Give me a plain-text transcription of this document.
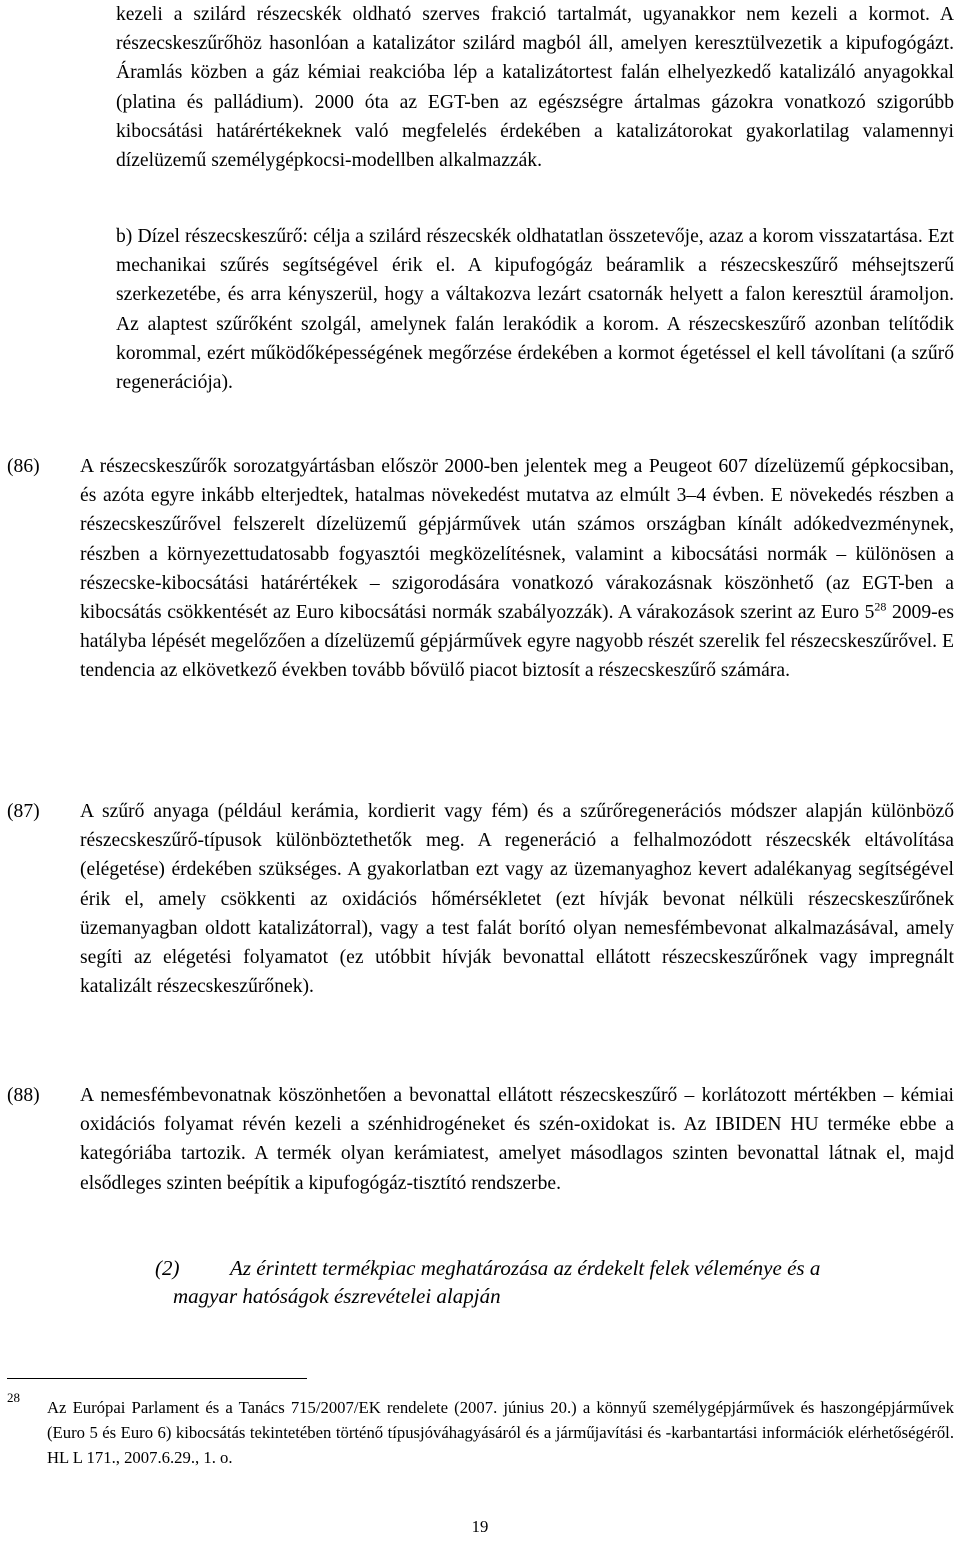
kezeli a szilárd részecskék oldható szerves frakció tartalmát, ugyanakkor nem kezeli a kormot. A részecskeszűrőhöz hasonlóan a katalizátor szilárd magból áll, amelyen keresztülvezetik a kipufogógázt. Áramlás közben a gáz kémiai reakcióba lép a katalizátortest falán elhelyezkedő katalizáló anyagokkal (platina és palládium). 2000 óta az EGT-ben az egészségre ártalmas gázokra vonatkozó szigorúbb kibocsátási határértékeknek való megfelelés érdekében a katalizátorokat gyakorlatilag valamennyi dízelüzemű személygépkocsi-modellben alkalmazzák.
b) Dízel részecskeszűrő: célja a szilárd részecskék oldhatatlan összetevője, azaz a korom visszatartása. Ezt mechanikai szűrés segítségével érik el. A kipufogógáz beáramlik a részecskeszűrő méhsejtszerű szerkezetébe, és arra kényszerül, hogy a váltakozva lezárt csatornák helyett a falon keresztül áramoljon. Az alaptest szűrőként szolgál, amelynek falán lerakódik a korom. A részecskeszűrő azonban telítődik korommal, ezért működőképességének megőrzése érdekében a kormot égetéssel el kell távolítani (a szűrő regenerációja).
(86) A részecskeszűrők sorozatgyártásban először 2000-ben jelentek meg a Peugeot 607 dízelüzemű gépkocsiban, és azóta egyre inkább elterjedtek, hatalmas növekedést mutatva az elmúlt 3–4 évben. E növekedés részben a részecskeszűrővel felszerelt dízelüzemű gépjárművek után számos országban kínált adókedvezménynek, részben a környezettudatosabb fogyasztói megközelítésnek, valamint a kibocsátási normák – különösen a részecske-kibocsátási határértékek – szigorodására vonatkozó várakozásnak köszönhető (az EGT-ben a kibocsátás csökkentését az Euro kibocsátási normák szabályozzák). A várakozások szerint az Euro $5^{28}$ 2009-es hatályba lépését megelőzően a dízelüzemű gépjárművek egyre nagyobb részét szerelik fel részecskeszűrővel. E tendencia az elkövetkező években tovább bővülő piacot biztosít a részecskeszűrő számára.
(87) A szűrő anyaga (például kerámia, kordierit vagy fém) és a szűrőregenerációs módszer alapján különböző részecskeszűrő-típusok különböztethetők meg. A regeneráció a felhalmozódott részecskék eltávolítása (elégetése) érdekében szükséges. A gyakorlatban ezt vagy az üzemanyaghoz kevert adalékanyag segítségével érik el, amely csökkenti az oxidációs hőmérsékletet (ezt hívják bevonat nélküli részecskeszűrőnek üzemanyagban oldott katalizátorral), vagy a test falát borító olyan nemesfémbevonat alkalmazásával, amely segíti az elégetési folyamatot (ez utóbbit hívják bevonattal ellátott részecskeszűrőnek vagy impregnált katalizált részecskeszűrőnek).
(88) A nemesfémbevonatnak köszönhetően a bevonattal ellátott részecskeszűrő – korlátozott mértékben – kémiai oxidációs folyamat révén kezeli a szénhidrogéneket és szén-oxidokat is. Az IBIDEN HU terméke ebbe a kategóriába tartozik. A termék olyan kerámiatest, amelyet másodlagos szinten bevonattal látnak el, majd elsődleges szinten beépítik a kipufogógáz-tisztító rendszerbe.
(2) Az érintett termékpiac meghatározása az érdekelt felek véleménye és a
magyar hatóságok észrevételei alapján
28
Az Európai Parlament és a Tanács 715/2007/EK rendelete (2007. június 20.) a könnyű személygépjárművek és haszongépjárművek (Euro 5 és Euro 6) kibocsátás tekintetében történő típusjóváhagyásáról és a járműjavítási és -karbantartási információk elérhetőségéről. HL L 171., 2007.6.29., 1. o.
19
